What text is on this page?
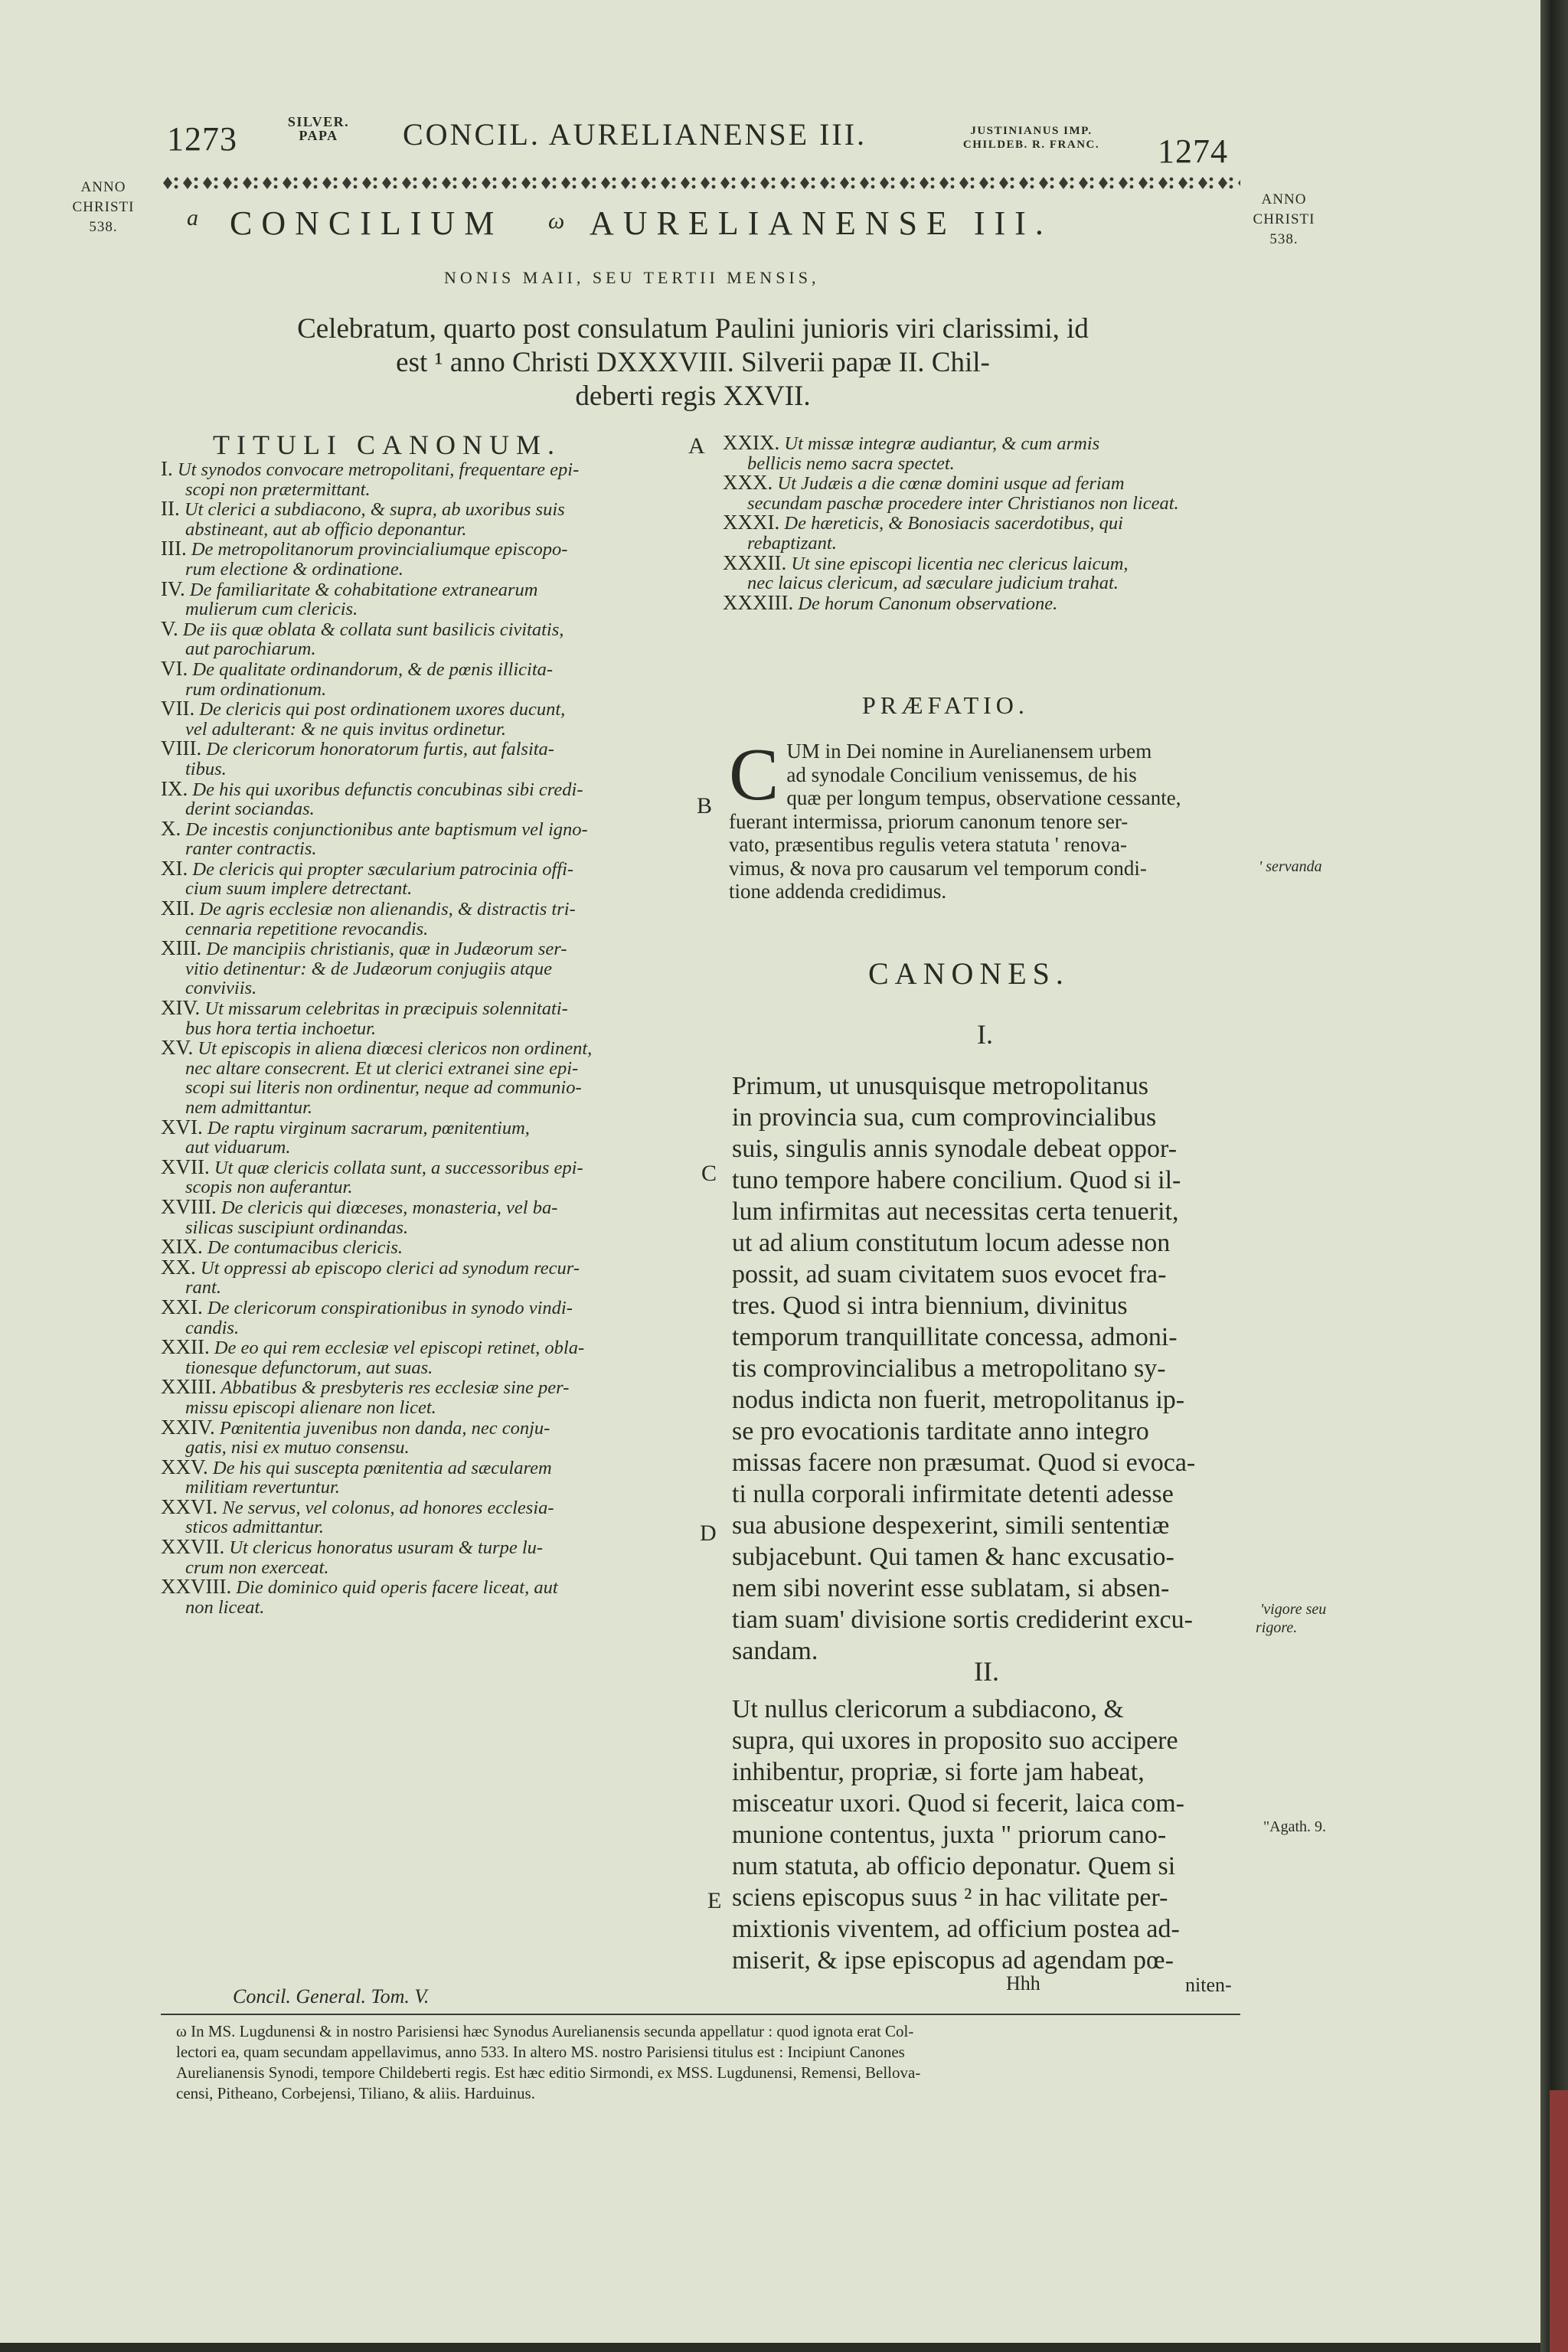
1273	SILVER.
PAPA	CONCIL. AURELIANENSE III.	JUSTINIANUS IMP.
CHILDEB. R. FRANC.	1274
ANNO
CHRISTI
538.
ANNO
CHRISTI
538.
a CONCILIUM ω AURELIANENSE III.
NONIS MAII, SEU TERTII MENSIS,
Celebratum, quarto post consulatum Paulini junioris viri clarissimi, id
est ¹ anno Christi DXXXVIII. Silverii papæ II. Chil-
deberti regis XXVII.
TITULI CANONUM.
I. Ut synodos convocare metropolitani, frequentare epi-
scopi non prætermittant.
II. Ut clerici a subdiacono, & supra, ab uxoribus suis
abstineant, aut ab officio deponantur.
III. De metropolitanorum provincialiumque episcopo-
rum electione & ordinatione.
IV. De familiaritate & cohabitatione extranearum
mulierum cum clericis.
V. De iis quæ oblata & collata sunt basilicis civitatis,
aut parochiarum.
VI. De qualitate ordinandorum, & de pœnis illicita-
rum ordinationum.
VII. De clericis qui post ordinationem uxores ducunt,
vel adulterant: & ne quis invitus ordinetur.
VIII. De clericorum honoratorum furtis, aut falsita-
tibus.
IX. De his qui uxoribus defunctis concubinas sibi credi-
derint sociandas.
X. De incestis conjunctionibus ante baptismum vel igno-
ranter contractis.
XI. De clericis qui propter sæcularium patrocinia offi-
cium suum implere detrectant.
XII. De agris ecclesiæ non alienandis, & distractis tri-
cennaria repetitione revocandis.
XIII. De mancipiis christianis, quæ in Judæorum ser-
vitio detinentur: & de Judæorum conjugiis atque
conviviis.
XIV. Ut missarum celebritas in præcipuis solennitati-
bus hora tertia inchoetur.
XV. Ut episcopis in aliena diœcesi clericos non ordinent,
nec altare consecrent. Et ut clerici extranei sine epi-
scopi sui literis non ordinentur, neque ad communio-
nem admittantur.
XVI. De raptu virginum sacrarum, pœnitentium,
aut viduarum.
XVII. Ut quæ clericis collata sunt, a successoribus epi-
scopis non auferantur.
XVIII. De clericis qui diœceses, monasteria, vel ba-
silicas suscipiunt ordinandas.
XIX. De contumacibus clericis.
XX. Ut oppressi ab episcopo clerici ad synodum recur-
rant.
XXI. De clericorum conspirationibus in synodo vindi-
candis.
XXII. De eo qui rem ecclesiæ vel episcopi retinet, obla-
tionesque defunctorum, aut suas.
XXIII. Abbatibus & presbyteris res ecclesiæ sine per-
missu episcopi alienare non licet.
XXIV. Pœnitentia juvenibus non danda, nec conju-
gatis, nisi ex mutuo consensu.
XXV. De his qui suscepta pœnitentia ad sæcularem
militiam revertuntur.
XXVI. Ne servus, vel colonus, ad honores ecclesia-
sticos admittantur.
XXVII. Ut clericus honoratus usuram & turpe lu-
crum non exerceat.
XXVIII. Die dominico quid operis facere liceat, aut
non liceat.
Concil. General. Tom. V.
A
B
C
D
E
XXIX. Ut missæ integræ audiantur, & cum armis
bellicis nemo sacra spectet.
XXX. Ut Judæis a die cœnæ domini usque ad feriam
secundam paschæ procedere inter Christianos non liceat.
XXXI. De hæreticis, & Bonosiacis sacerdotibus, qui
rebaptizant.
XXXII. Ut sine episcopi licentia nec clericus laicum,
nec laicus clericum, ad sæculare judicium trahat.
XXXIII. De horum Canonum observatione.
PRÆFATIO.
C UM in Dei nomine in Aurelianensem urbem
ad synodale Concilium venissemus, de his
quæ per longum tempus, observatione cessante,
fuerant intermissa, priorum canonum tenore ser-
vato, præsentibus regulis vetera statuta ' renova-
vimus, & nova pro causarum vel temporum condi-
tione addenda credidimus.
CANONES.
I.
Primum, ut unusquisque metropolitanus
in provincia sua, cum comprovincialibus
suis, singulis annis synodale debeat oppor-
tuno tempore habere concilium. Quod si il-
lum infirmitas aut necessitas certa tenuerit,
ut ad alium constitutum locum adesse non
possit, ad suam civitatem suos evocet fra-
tres. Quod si intra biennium, divinitus
temporum tranquillitate concessa, admoni-
tis comprovincialibus a metropolitano sy-
nodus indicta non fuerit, metropolitanus ip-
se pro evocationis tarditate anno integro
missas facere non præsumat. Quod si evoca-
ti nulla corporali infirmitate detenti adesse
sua abusione despexerint, simili sententiæ
subjacebunt. Qui tamen & hanc excusatio-
nem sibi noverint esse sublatam, si absen-
tiam suam' divisione sortis crediderint excu-
sandam.
II.
Ut nullus clericorum a subdiacono, &
supra, qui uxores in proposito suo accipere
inhibentur, propriæ, si forte jam habeat,
misceatur uxori. Quod si fecerit, laica com-
munione contentus, juxta " priorum cano-
num statuta, ab officio deponatur. Quem si
sciens episcopus suus ² in hac vilitate per-
mixtionis viventem, ad officium postea ad-
miserit, & ipse episcopus ad agendam pœ-
Hhh	niten-
' servanda
'vigore seu
rigore.
"Agath. 9.
ω In MS. Lugdunensi & in nostro Parisiensi hæc Synodus Aurelianensis secunda appellatur : quod ignota erat Col-
lectori ea, quam secundam appellavimus, anno 533. In altero MS. nostro Parisiensi titulus est : Incipiunt Canones
Aurelianensis Synodi, tempore Childeberti regis. Est hæc editio Sirmondi, ex MSS. Lugdunensi, Remensi, Bellova-
censi, Pitheano, Corbejensi, Tiliano, & aliis. Harduinus.
